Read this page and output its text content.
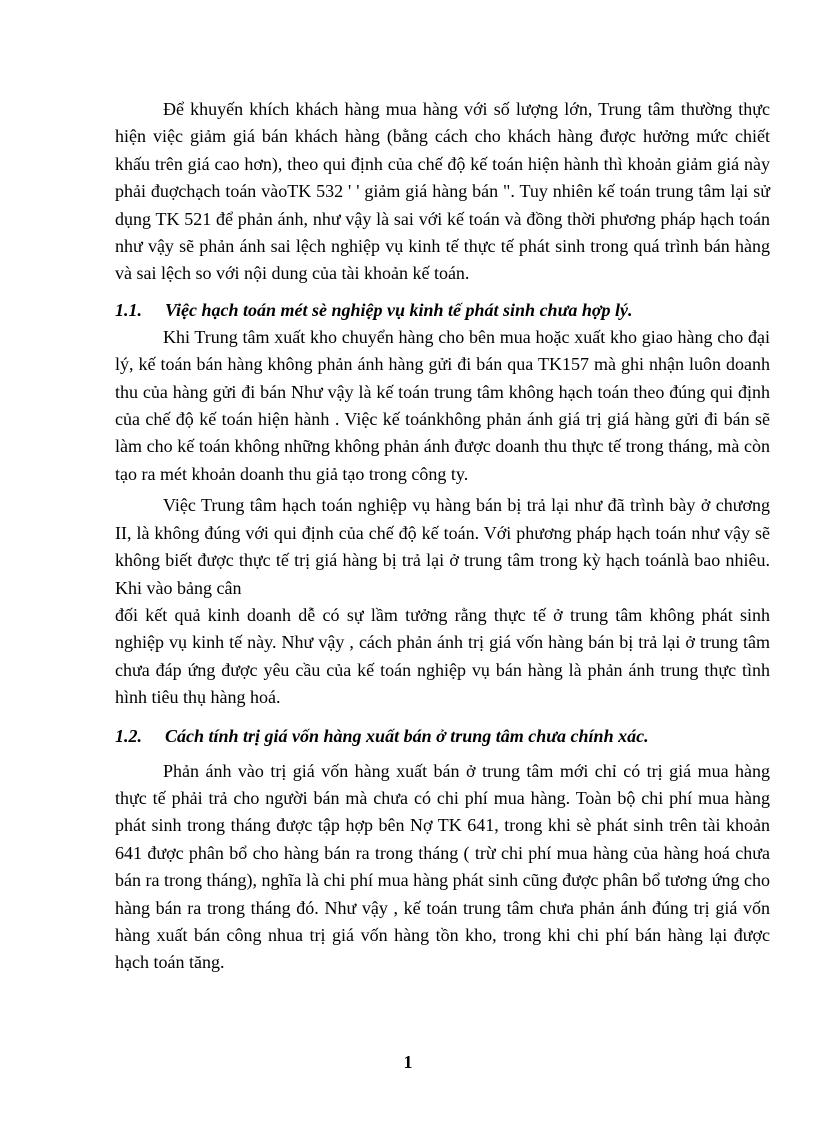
Để khuyến khích khách hàng mua hàng với số lượng lớn, Trung tâm thường thực hiện việc giảm giá bán khách hàng (bằng cách cho khách hàng được hưởng mức chiết khấu trên giá cao hơn), theo qui định của chế độ kế toán hiện hành thì khoản giảm giá này phải đuợchạch toán vàoTK 532 ' ' giảm giá hàng bán ". Tuy nhiên kế toán trung tâm lại sử dụng TK 521 để phản ánh, như vậy là sai với kế toán và đồng thời phương pháp hạch toán như vậy sẽ phản ánh sai lệch nghiệp vụ kinh tế thực tế phát sinh trong quá trình bán hàng và sai lệch so với nội dung của tài khoản kế toán.

1.1. Việc hạch toán mét sè nghiệp vụ kinh tế phát sinh chưa hợp lý.

Khi Trung tâm xuất kho chuyển hàng cho bên mua hoặc xuất kho giao hàng cho đại lý, kế toán bán hàng không phản ánh hàng gửi đi bán qua TK157 mà ghi nhận luôn doanh thu của hàng gửi đi bán Như vậy là kế toán trung tâm không hạch toán theo đúng qui định của chế độ kế toán hiện hành . Việc kế toánkhông phản ánh giá trị giá hàng gửi đi bán sẽ làm cho kế toán không những không phản ánh được doanh thu thực tế trong tháng, mà còn tạo ra mét khoản doanh thu giả tạo trong công ty.

Việc Trung tâm hạch toán nghiệp vụ hàng bán bị trả lại như đã trình bày ở chương II, là không đúng với qui định của chế độ kế toán. Với phương pháp hạch toán như vậy sẽ không biết được thực tế trị giá hàng bị trả lại ở trung tâm trong kỳ hạch toánlà bao nhiêu. Khi vào bảng cân

đối kết quả kinh doanh dễ có sự lầm tưởng rằng thực tế ở trung tâm không phát sinh nghiệp vụ kinh tế này. Như vậy , cách phản ánh trị giá vốn hàng bán bị trả lại ở trung tâm chưa đáp ứng được yêu cầu của kế toán nghiệp vụ bán hàng là phản ánh trung thực tình hình tiêu thụ hàng hoá.

1.2. Cách tính trị giá vốn hàng xuất bán ở trung tâm chưa chính xác.

Phản ánh vào trị giá vốn hàng xuất bán ở trung tâm mới chỉ có trị giá mua hàng thực tế phải trả cho người bán mà chưa có chi phí mua hàng. Toàn bộ chi phí mua hàng phát sinh trong tháng được tập hợp bên Nợ TK 641, trong khi sè phát sinh trên tài khoản 641 được phân bổ cho hàng bán ra trong tháng ( trừ chi phí mua hàng của hàng hoá chưa bán ra trong tháng), nghĩa là chi phí mua hàng phát sinh cũng được phân bổ tương ứng cho hàng bán ra trong tháng đó. Như vậy , kế toán trung tâm chưa phản ánh đúng trị giá vốn hàng xuất bán công nhua trị giá vốn hàng tồn kho, trong khi chi phí bán hàng lại được hạch toán tăng.

1
